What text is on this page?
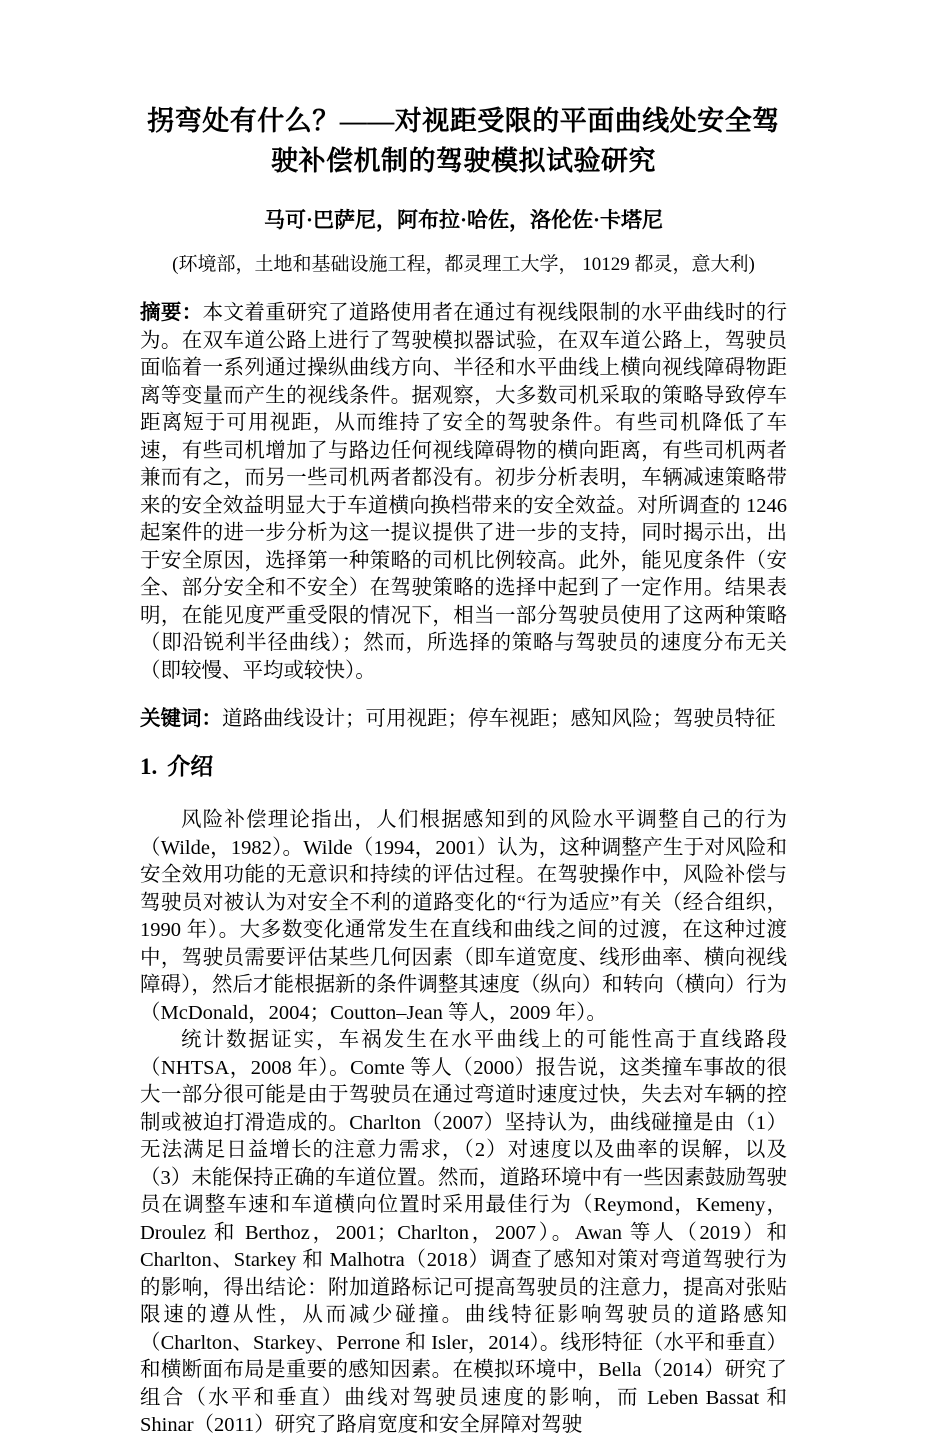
拐弯处有什么？——对视距受限的平面曲线处安全驾驶补偿机制的驾驶模拟试验研究
马可·巴萨尼，阿布拉·哈佐，洛伦佐·卡塔尼
(环境部，土地和基础设施工程，都灵理工大学， 10129 都灵，意大利)

摘要：本文着重研究了道路使用者在通过有视线限制的水平曲线时的行为。在双车道公路上进行了驾驶模拟器试验，在双车道公路上，驾驶员面临着一系列通过操纵曲线方向、半径和水平曲线上横向视线障碍物距离等变量而产生的视线条件。据观察，大多数司机采取的策略导致停车距离短于可用视距，从而维持了安全的驾驶条件。有些司机降低了车速，有些司机增加了与路边任何视线障碍物的横向距离，有些司机两者兼而有之，而另一些司机两者都没有。初步分析表明，车辆减速策略带来的安全效益明显大于车道横向换档带来的安全效益。对所调查的 1246 起案件的进一步分析为这一提议提供了进一步的支持，同时揭示出，出于安全原因，选择第一种策略的司机比例较高。此外，能见度条件（安全、部分安全和不安全）在驾驶策略的选择中起到了一定作用。结果表明，在能见度严重受限的情况下，相当一部分驾驶员使用了这两种策略（即沿锐利半径曲线）；然而，所选择的策略与驾驶员的速度分布无关（即较慢、平均或较快）。

关键词：道路曲线设计；可用视距；停车视距；感知风险；驾驶员特征

1. 介绍

风险补偿理论指出，人们根据感知到的风险水平调整自己的行为（Wilde，1982）。Wilde（1994，2001）认为，这种调整产生于对风险和安全效用功能的无意识和持续的评估过程。在驾驶操作中，风险补偿与驾驶员对被认为对安全不利的道路变化的“行为适应”有关（经合组织，1990 年）。大多数变化通常发生在直线和曲线之间的过渡，在这种过渡中，驾驶员需要评估某些几何因素（即车道宽度、线形曲率、横向视线障碍），然后才能根据新的条件调整其速度（纵向）和转向（横向）行为（McDonald，2004；Coutton–Jean 等人，2009 年）。

统计数据证实，车祸发生在水平曲线上的可能性高于直线路段（NHTSA，2008 年）。Comte 等人（2000）报告说，这类撞车事故的很大一部分很可能是由于驾驶员在通过弯道时速度过快，失去对车辆的控制或被迫打滑造成的。Charlton（2007）坚持认为，曲线碰撞是由（1）无法满足日益增长的注意力需求，（2）对速度以及曲率的误解，以及（3）未能保持正确的车道位置。然而，道路环境中有一些因素鼓励驾驶员在调整车速和车道横向位置时采用最佳行为（Reymond，Kemeny，Droulez 和 Berthoz，2001；Charlton，2007）。Awan 等人（2019）和 Charlton、Starkey 和 Malhotra（2018）调查了感知对策对弯道驾驶行为的影响，得出结论：附加道路标记可提高驾驶员的注意力，提高对张贴限速的遵从性，从而减少碰撞。曲线特征影响驾驶员的道路感知（Charlton、Starkey、Perrone 和 Isler，2014）。线形特征（水平和垂直）和横断面布局是重要的感知因素。在模拟环境中，Bella（2014）研究了组合（水平和垂直）曲线对驾驶员速度的影响，而 Leben Bassat 和 Shinar（2011）研究了路肩宽度和安全屏障对驾驶
